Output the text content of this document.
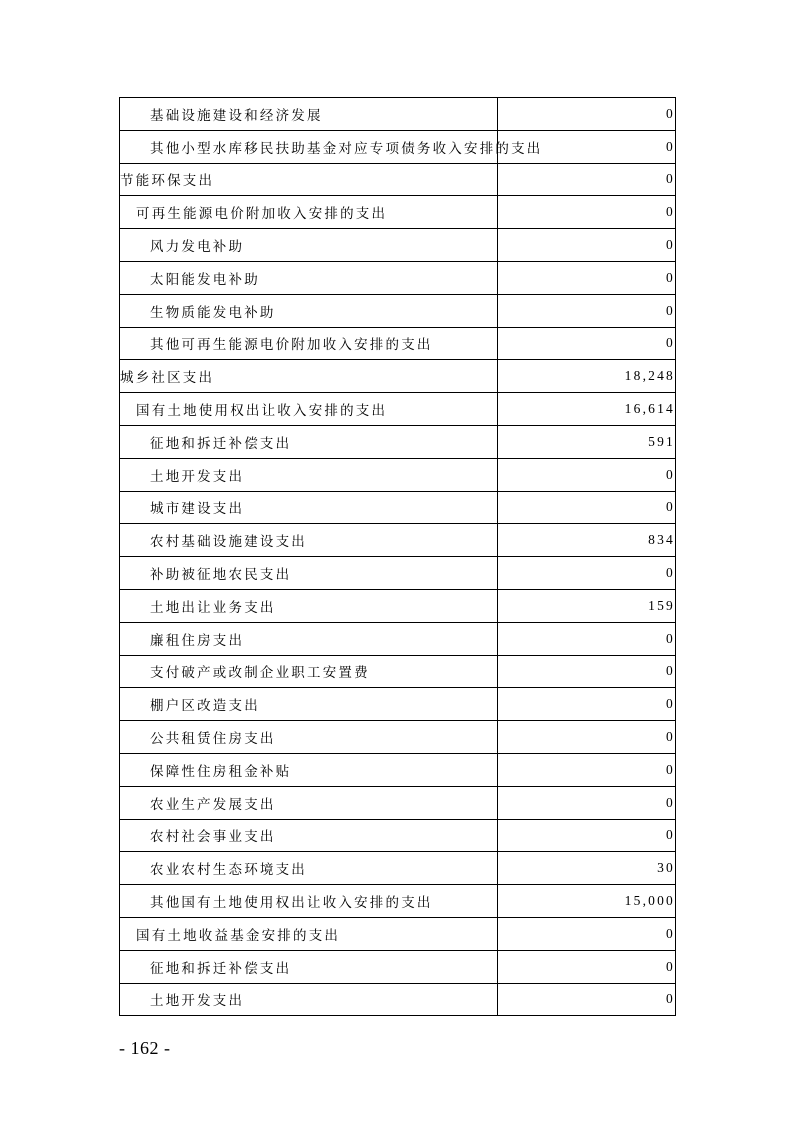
基础设施建设和经济发展	0
其他小型水库移民扶助基金对应专项债务收入安排的支出	0
节能环保支出	0
可再生能源电价附加收入安排的支出	0
风力发电补助	0
太阳能发电补助	0
生物质能发电补助	0
其他可再生能源电价附加收入安排的支出	0
城乡社区支出	18,248
国有土地使用权出让收入安排的支出	16,614
征地和拆迁补偿支出	591
土地开发支出	0
城市建设支出	0
农村基础设施建设支出	834
补助被征地农民支出	0
土地出让业务支出	159
廉租住房支出	0
支付破产或改制企业职工安置费	0
棚户区改造支出	0
公共租赁住房支出	0
保障性住房租金补贴	0
农业生产发展支出	0
农村社会事业支出	0
农业农村生态环境支出	30
其他国有土地使用权出让收入安排的支出	15,000
国有土地收益基金安排的支出	0
征地和拆迁补偿支出	0
土地开发支出	0
- 162 -
